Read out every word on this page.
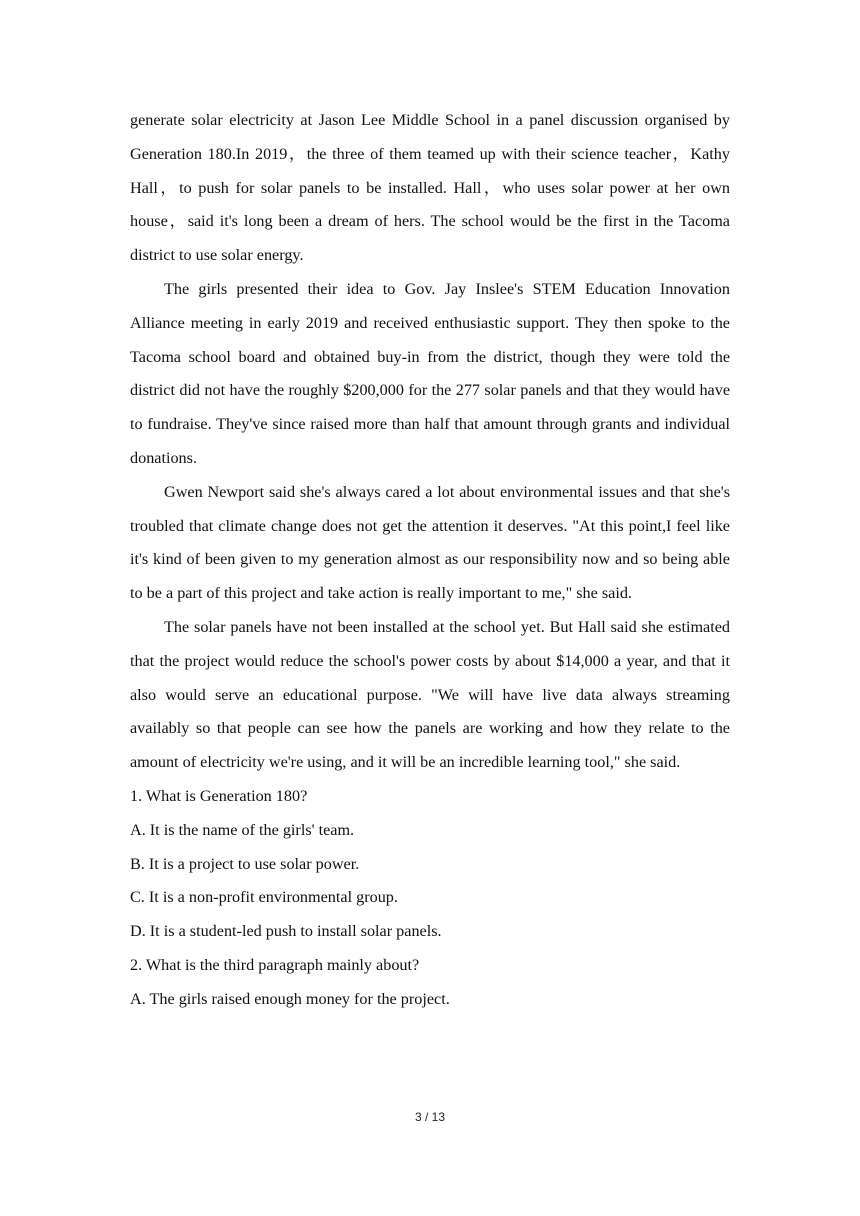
generate solar electricity at Jason Lee Middle School in a panel discussion organised by Generation 180.In 2019，the three of them teamed up with their science teacher，Kathy Hall，to push for solar panels to be installed. Hall，who uses solar power at her own house，said it's long been a dream of hers. The school would be the first in the Tacoma district to use solar energy.

The girls presented their idea to Gov. Jay Inslee's STEM Education Innovation Alliance meeting in early 2019 and received enthusiastic support. They then spoke to the Tacoma school board and obtained buy-in from the district, though they were told the district did not have the roughly $200,000 for the 277 solar panels and that they would have to fundraise. They've since raised more than half that amount through grants and individual donations.

Gwen Newport said she's always cared a lot about environmental issues and that she's troubled that climate change does not get the attention it deserves. "At this point,I feel like it's kind of been given to my generation almost as our responsibility now and so being able to be a part of this project and take action is really important to me," she said.

The solar panels have not been installed at the school yet. But Hall said she estimated that the project would reduce the school's power costs by about $14,000 a year, and that it also would serve an educational purpose. "We will have live data always streaming availably so that people can see how the panels are working and how they relate to the amount of electricity we're using, and it will be an incredible learning tool," she said.

1. What is Generation 180?

A. It is the name of the girls' team.

B. It is a project to use solar power.

C. It is a non-profit environmental group.

D. It is a student-led push to install solar panels.

2. What is the third paragraph mainly about?

A. The girls raised enough money for the project.

3 / 13
